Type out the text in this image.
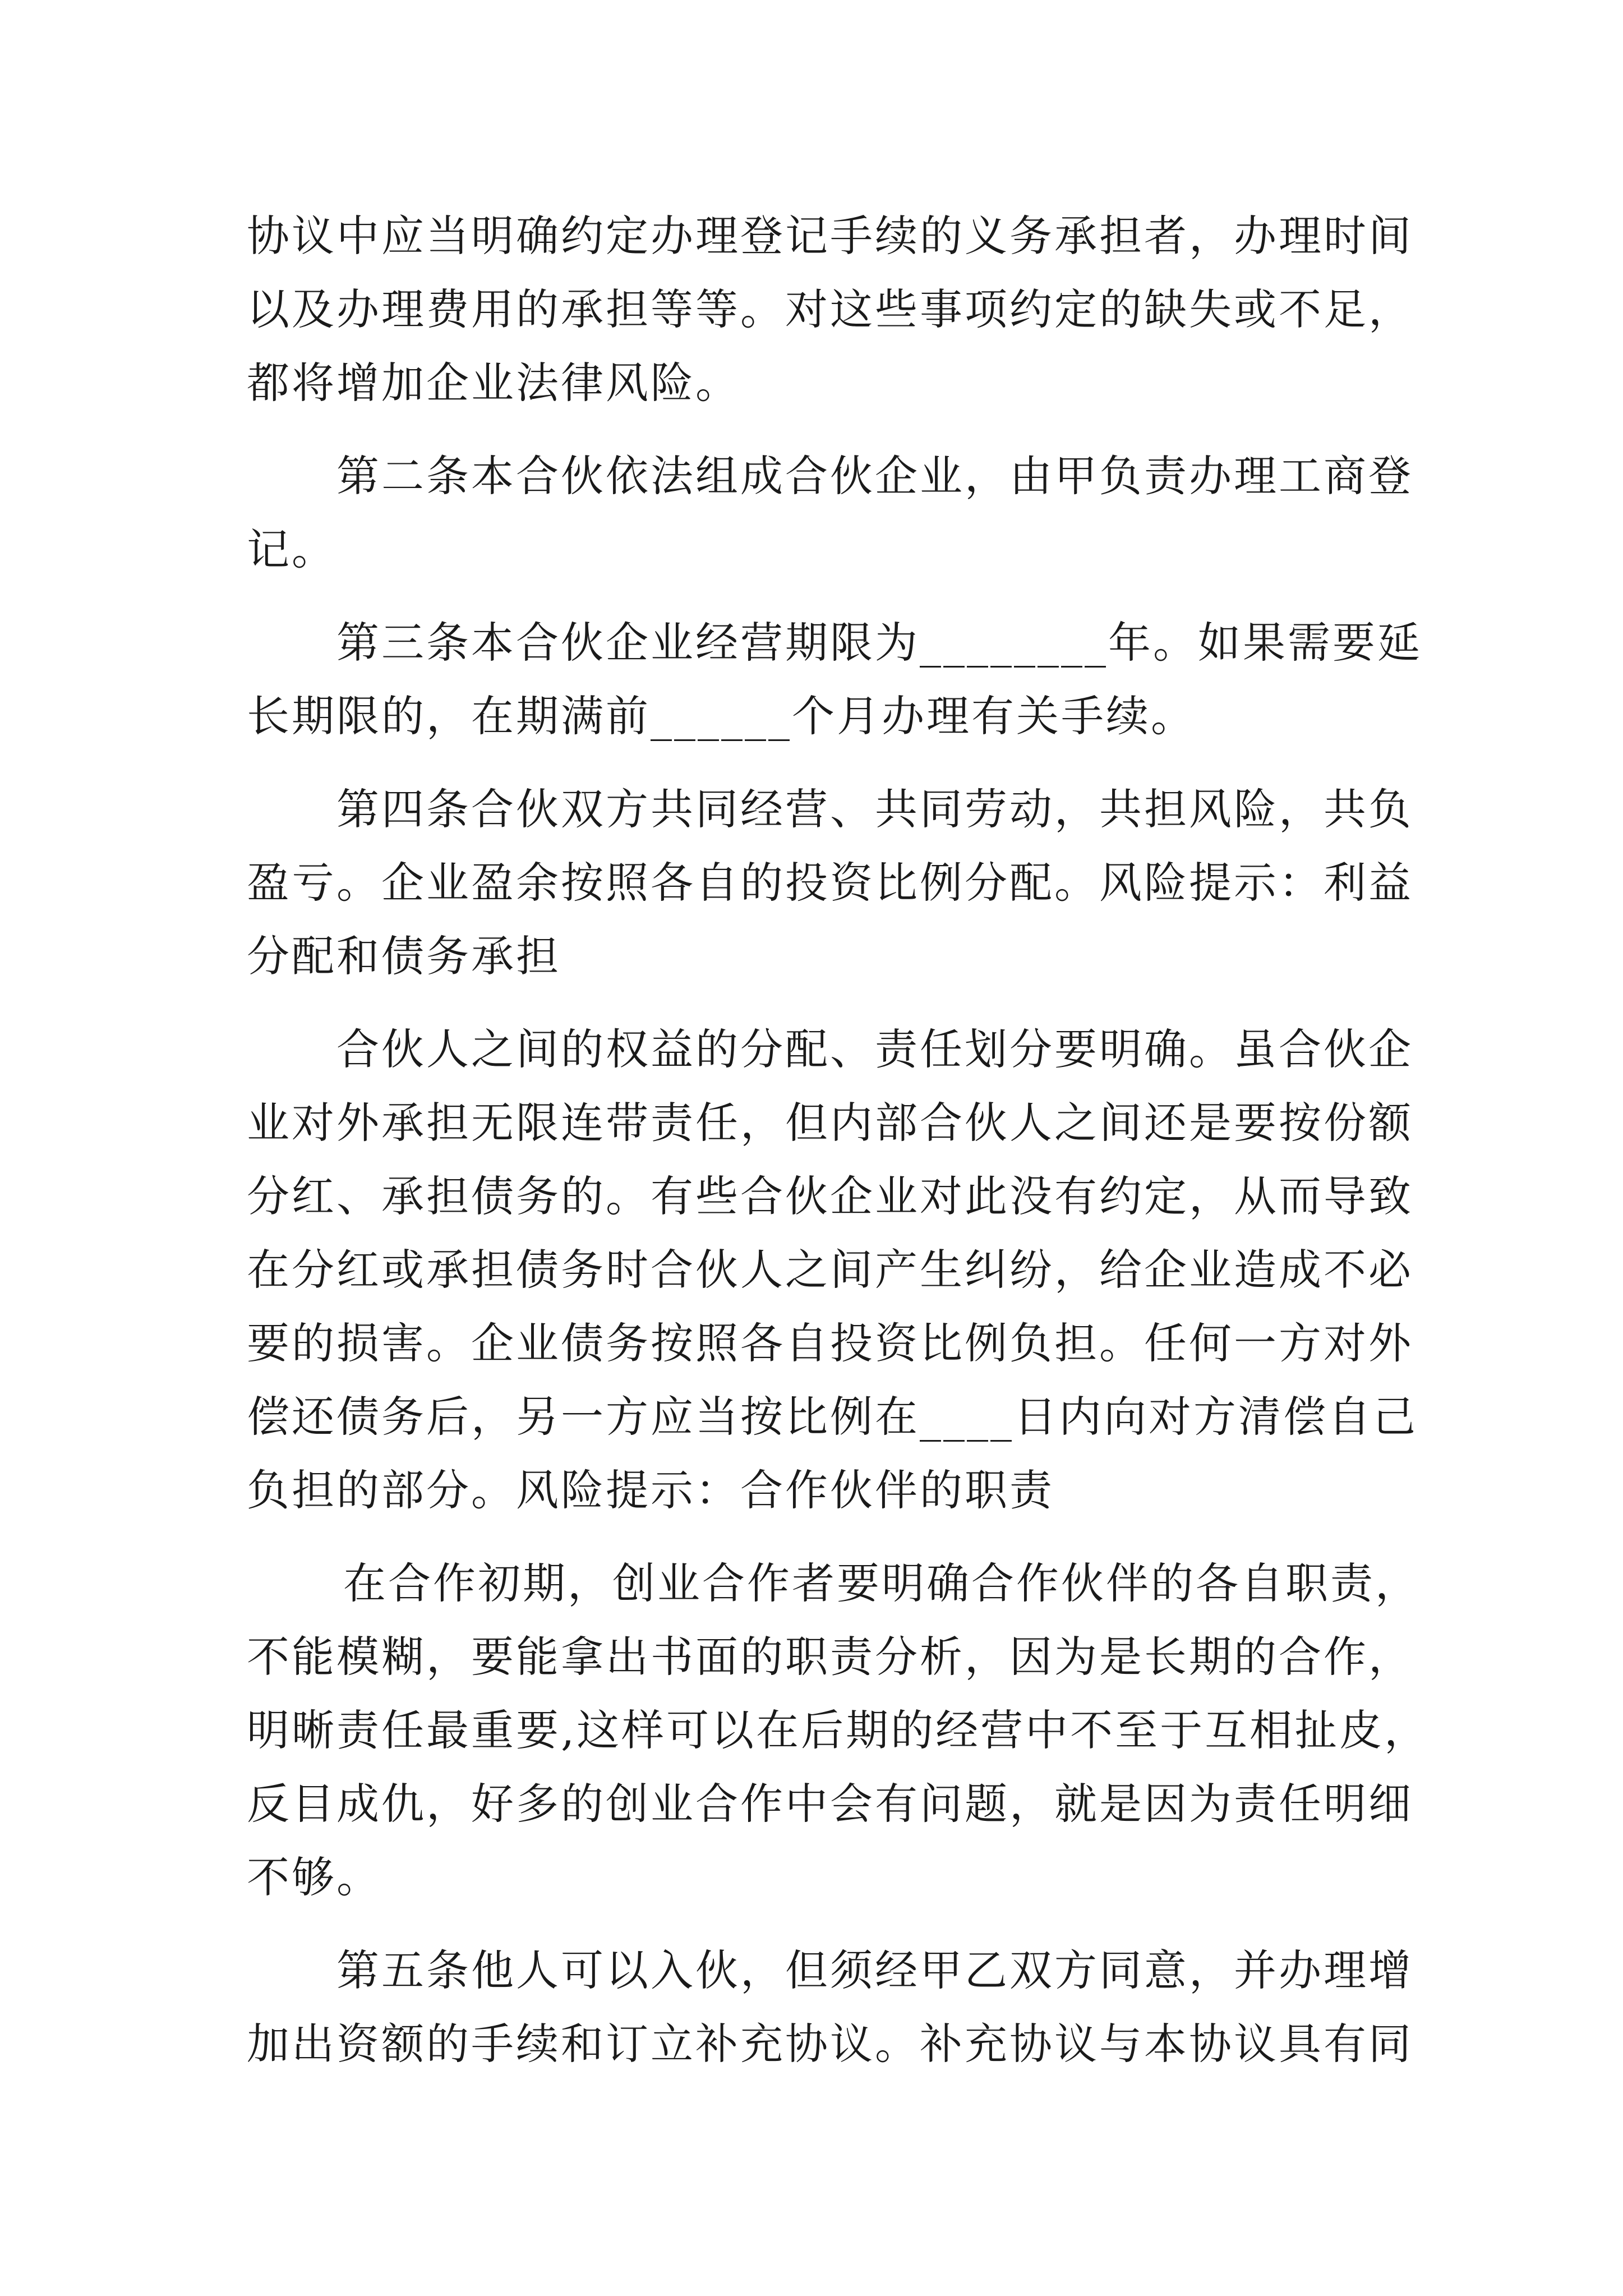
协议中应当明确约定办理登记手续的义务承担者，办理时间
以及办理费用的承担等等。对这些事项约定的缺失或不足，
都将增加企业法律风险。
第二条本合伙依法组成合伙企业，由甲负责办理工商登
记。
第三条本合伙企业经营期限为________年。如果需要延
长期限的，在期满前______个月办理有关手续。
第四条合伙双方共同经营、共同劳动，共担风险，共负
盈亏。企业盈余按照各自的投资比例分配。风险提示：利益
分配和债务承担
合伙人之间的权益的分配、责任划分要明确。虽合伙企
业对外承担无限连带责任，但内部合伙人之间还是要按份额
分红、承担债务的。有些合伙企业对此没有约定，从而导致
在分红或承担债务时合伙人之间产生纠纷，给企业造成不必
要的损害。企业债务按照各自投资比例负担。任何一方对外
偿还债务后，另一方应当按比例在____日内向对方清偿自己
负担的部分。风险提示：合作伙伴的职责
在合作初期，创业合作者要明确合作伙伴的各自职责，
不能模糊，要能拿出书面的职责分析，因为是长期的合作，
明晰责任最重要,这样可以在后期的经营中不至于互相扯皮，
反目成仇，好多的创业合作中会有问题，就是因为责任明细
不够。
第五条他人可以入伙，但须经甲乙双方同意，并办理增
加出资额的手续和订立补充协议。补充协议与本协议具有同
